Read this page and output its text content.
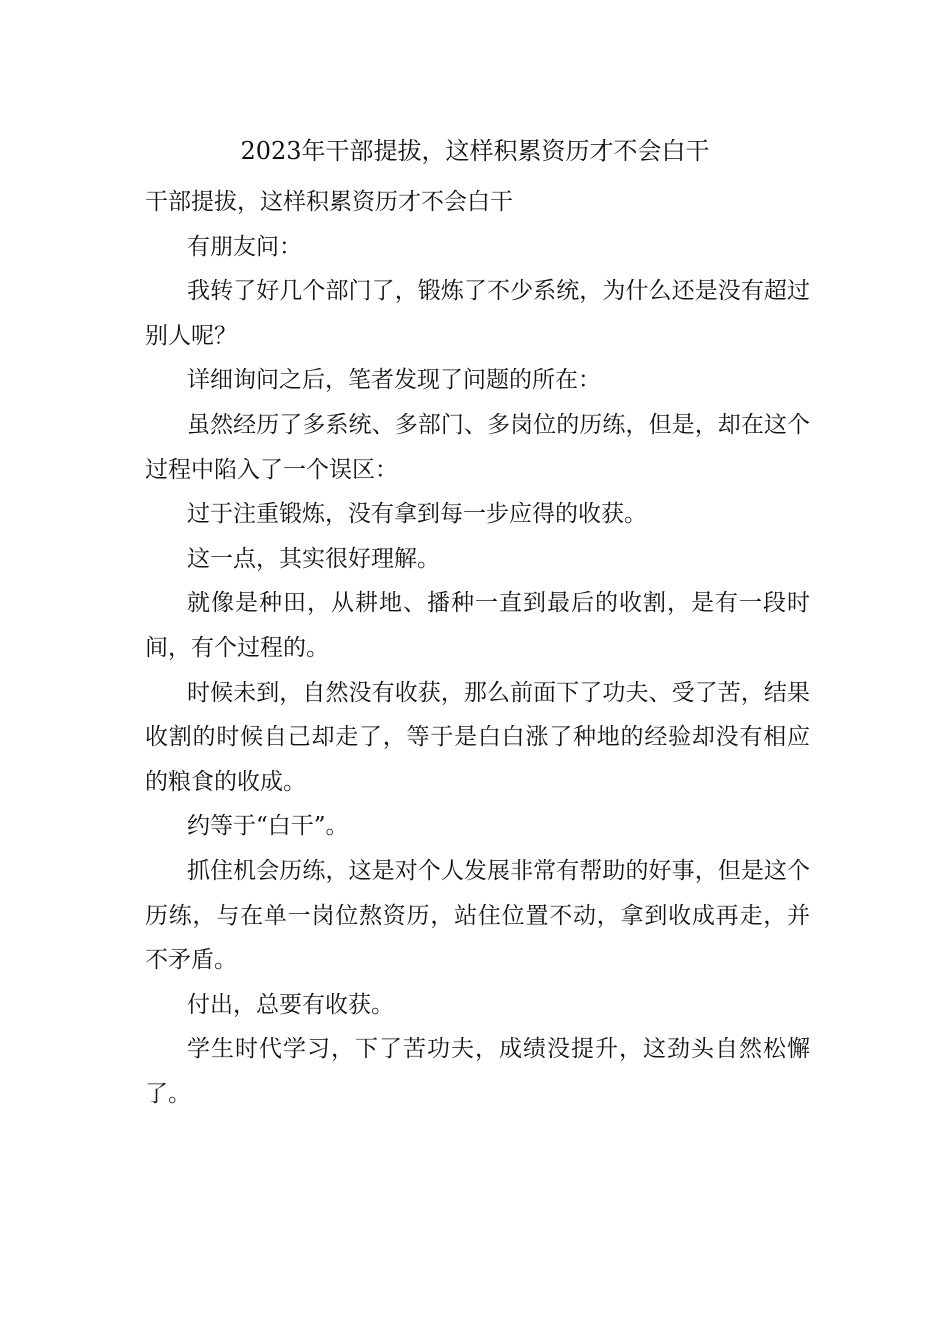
2023年干部提拔，这样积累资历才不会白干

干部提拔，这样积累资历才不会白干

有朋友问：

我转了好几个部门了，锻炼了不少系统，为什么还是没有超过别人呢？

详细询问之后，笔者发现了问题的所在：

虽然经历了多系统、多部门、多岗位的历练，但是，却在这个过程中陷入了一个误区：

过于注重锻炼，没有拿到每一步应得的收获。

这一点，其实很好理解。

就像是种田，从耕地、播种一直到最后的收割，是有一段时间，有个过程的。

时候未到，自然没有收获，那么前面下了功夫、受了苦，结果收割的时候自己却走了，等于是白白涨了种地的经验却没有相应的粮食的收成。

约等于“白干”。

抓住机会历练，这是对个人发展非常有帮助的好事，但是这个历练，与在单一岗位熬资历，站住位置不动，拿到收成再走，并不矛盾。

付出，总要有收获。

学生时代学习，下了苦功夫，成绩没提升，这劲头自然松懈了。
